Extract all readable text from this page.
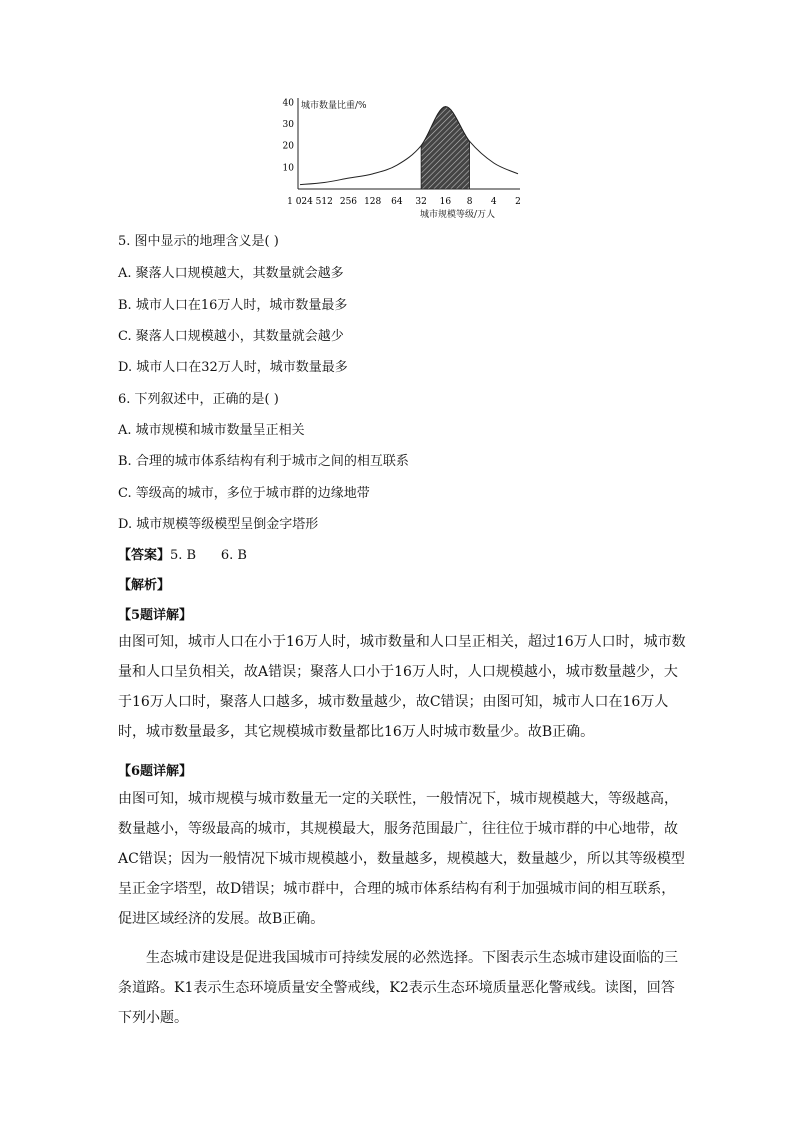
城市数量比重/%
城市规模等级/万人
10
20
30
40
1 024 512 256 128 64 32 16 8 4 2
5. 图中显示的地理含义是( )
A. 聚落人口规模越大，其数量就会越多
B. 城市人口在16万人时，城市数量最多
C. 聚落人口规模越小，其数量就会越少
D. 城市人口在32万人时，城市数量最多
6. 下列叙述中，正确的是( )
A. 城市规模和城市数量呈正相关
B. 合理的城市体系结构有利于城市之间的相互联系
C. 等级高的城市，多位于城市群的边缘地带
D. 城市规模等级模型呈倒金字塔形
【答案】5. B      6. B
【解析】
【5题详解】
由图可知，城市人口在小于16万人时，城市数量和人口呈正相关，超过16万人口时，城市数量和人口呈负相关，故A错误；聚落人口小于16万人时，人口规模越小，城市数量越少，大于16万人口时，聚落人口越多，城市数量越少，故C错误；由图可知，城市人口在16万人时，城市数量最多，其它规模城市数量都比16万人时城市数量少。故B正确。
【6题详解】
由图可知，城市规模与城市数量无一定的关联性，一般情况下，城市规模越大，等级越高，数量越小，等级最高的城市，其规模最大，服务范围最广，往往位于城市群的中心地带，故AC错误；因为一般情况下城市规模越小，数量越多，规模越大，数量越少，所以其等级模型呈正金字塔型，故D错误；城市群中，合理的城市体系结构有利于加强城市间的相互联系，促进区域经济的发展。故B正确。
生态城市建设是促进我国城市可持续发展的必然选择。下图表示生态城市建设面临的三条道路。K1表示生态环境质量安全警戒线，K2表示生态环境质量恶化警戒线。读图，回答下列小题。
